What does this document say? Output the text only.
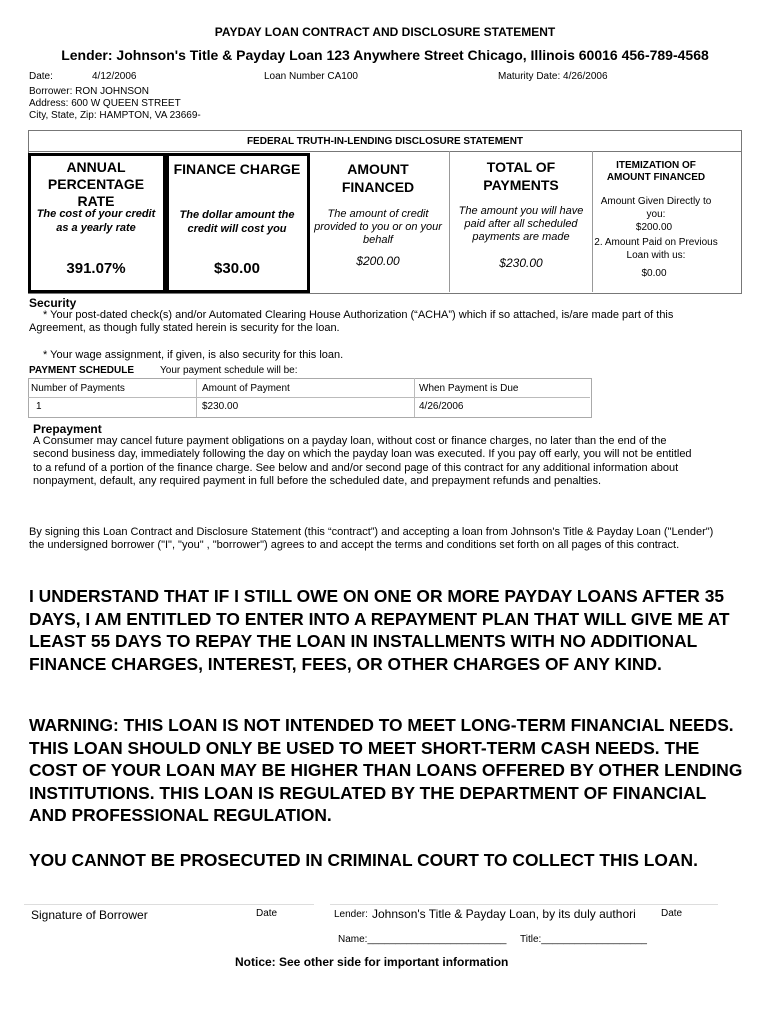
PAYDAY LOAN CONTRACT AND DISCLOSURE STATEMENT
Lender: Johnson's Title & Payday Loan 123 Anywhere Street Chicago, Illinois 60016 456-789-4568
Date:	4/12/2006	Loan Number CA100	Maturity Date: 4/26/2006
Borrower: RON JOHNSON
Address: 600 W QUEEN STREET
City, State, Zip: HAMPTON, VA 23669-
FEDERAL TRUTH-IN-LENDING DISCLOSURE STATEMENT
ANNUAL PERCENTAGE RATE
The cost of your credit as a yearly rate
391.07%
FINANCE CHARGE
The dollar amount the credit will cost you
$30.00
AMOUNT FINANCED
The amount of credit provided to you or on your behalf
$200.00
TOTAL OF PAYMENTS
The amount you will have paid after all scheduled payments are made
$230.00
ITEMIZATION OF AMOUNT FINANCED
Amount Given Directly to you:
$200.00
2. Amount Paid on Previous Loan with us:
$0.00
Security
* Your post-dated check(s) and/or Automated Clearing House Authorization (“ACHA”) which if so attached, is/are made part of this Agreement, as though fully stated herein is security for the loan.
* Your wage assignment, if given, is also security for this loan.
PAYMENT SCHEDULE	Your payment schedule will be:
Number of Payments	Amount of Payment	When Payment is Due
1	$230.00	4/26/2006
Prepayment
A Consumer may cancel future payment obligations on a payday loan, without cost or finance charges, no later than the end of the second business day, immediately following the day on which the payday loan was executed. If you pay off early, you will not be entitled to a refund of a portion of the finance charge. See below and and/or second page of this contract for any additional information about nonpayment, default, any required payment in full before the scheduled date, and prepayment refunds and penalties.
By signing this Loan Contract and Disclosure Statement (this “contract”) and accepting a loan from Johnson's Title & Payday Loan ("Lender") the undersigned borrower ("I", "you" , "borrower") agrees to and accept the terms and conditions set forth on all pages of this contract.
I UNDERSTAND THAT IF I STILL OWE ON ONE OR MORE PAYDAY LOANS AFTER 35 DAYS, I AM ENTITLED TO ENTER INTO A REPAYMENT PLAN THAT WILL GIVE ME AT LEAST 55 DAYS TO REPAY THE LOAN IN INSTALLMENTS WITH NO ADDITIONAL FINANCE CHARGES, INTEREST, FEES, OR OTHER CHARGES OF ANY KIND.
WARNING: THIS LOAN IS NOT INTENDED TO MEET LONG-TERM FINANCIAL NEEDS. THIS LOAN SHOULD ONLY BE USED TO MEET SHORT-TERM CASH NEEDS. THE COST OF YOUR LOAN MAY BE HIGHER THAN LOANS OFFERED BY OTHER LENDING INSTITUTIONS. THIS LOAN IS REGULATED BY THE DEPARTMENT OF FINANCIAL AND PROFESSIONAL REGULATION.
YOU CANNOT BE PROSECUTED IN CRIMINAL COURT TO COLLECT THIS LOAN.
Signature of Borrower	Date	Lender: Johnson's Title & Payday Loan, by its duly authori	Date
Name:_________________________ Title:___________________
Notice: See other side for important information
